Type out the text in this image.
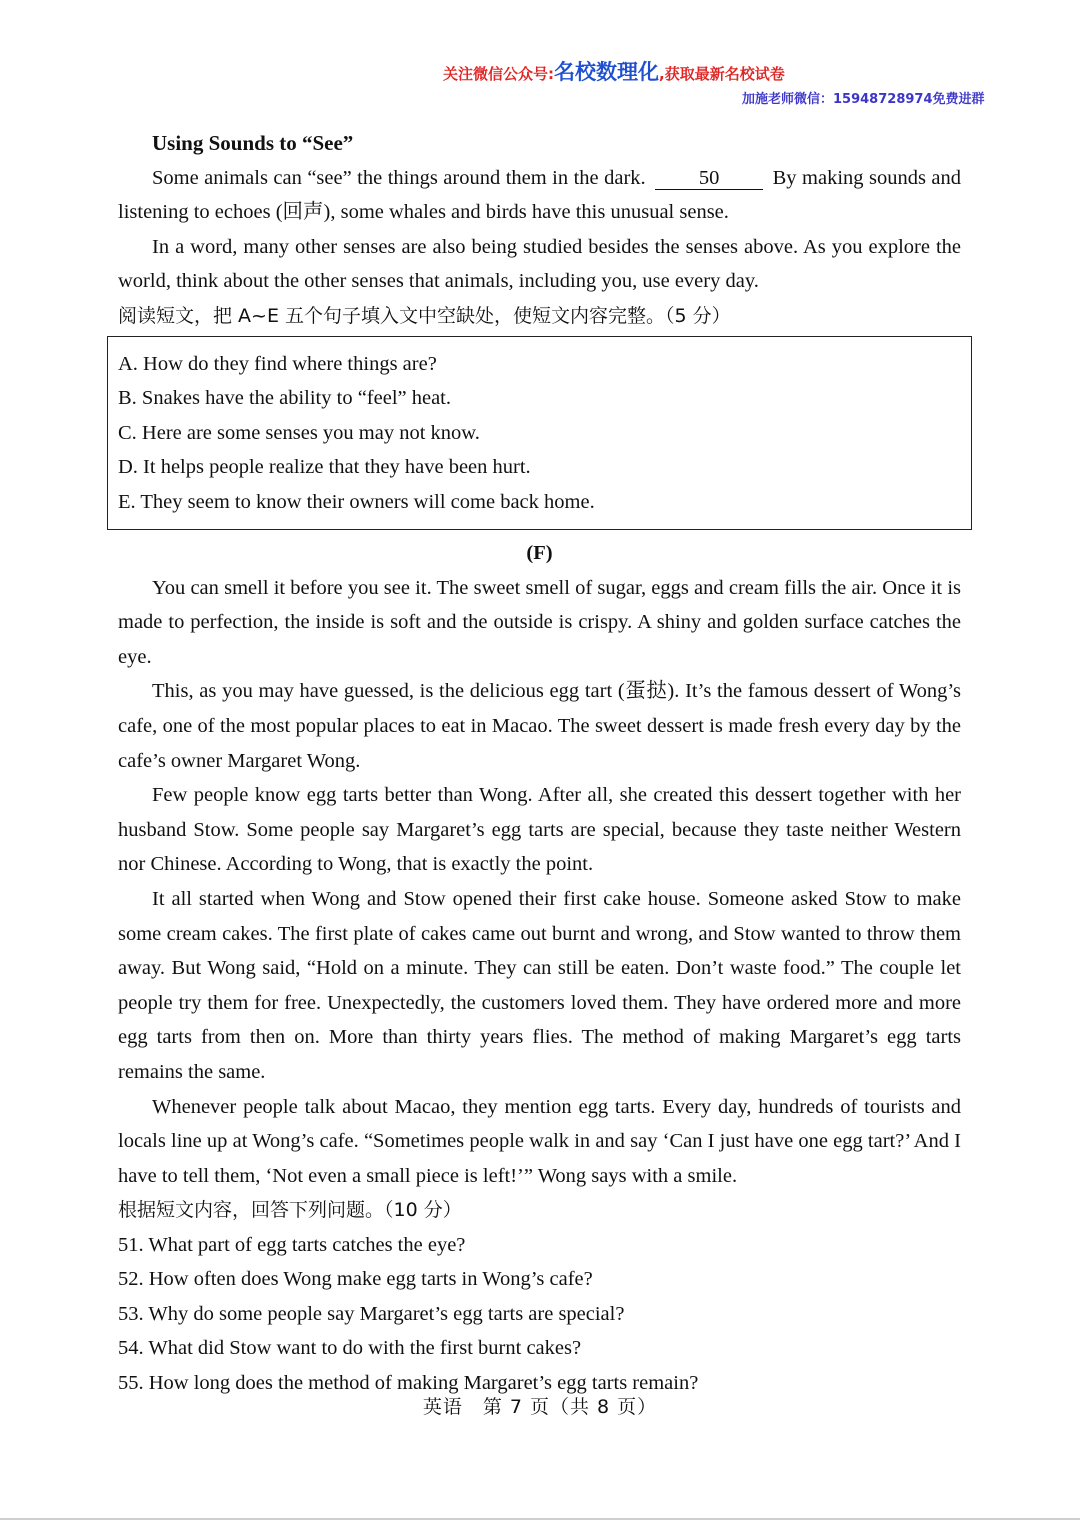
关注微信公众号:名校数理化,获取最新名校试卷
加施老师微信：15948728974免费进群
Using Sounds to “See”

Some animals can “see” the things around them in the dark.	50	By making sounds and listening to echoes (回声), some whales and birds have this unusual sense.

In a word, many other senses are also being studied besides the senses above. As you explore the world, think about the other senses that animals, including you, use every day.

阅读短文，把 A~E 五个句子填入文中空缺处，使短文内容完整。（5 分）
A. How do they find where things are?
B. Snakes have the ability to “feel” heat.
C. Here are some senses you may not know.
D. It helps people realize that they have been hurt.
E. They seem to know their owners will come back home.
(F)

You can smell it before you see it. The sweet smell of sugar, eggs and cream fills the air. Once it is made to perfection, the inside is soft and the outside is crispy. A shiny and golden surface catches the eye.

This, as you may have guessed, is the delicious egg tart (蛋挞). It’s the famous dessert of Wong’s cafe, one of the most popular places to eat in Macao. The sweet dessert is made fresh every day by the cafe’s owner Margaret Wong.

Few people know egg tarts better than Wong. After all, she created this dessert together with her husband Stow. Some people say Margaret’s egg tarts are special, because they taste neither Western nor Chinese. According to Wong, that is exactly the point.

It all started when Wong and Stow opened their first cake house. Someone asked Stow to make some cream cakes. The first plate of cakes came out burnt and wrong, and Stow wanted to throw them away. But Wong said, “Hold on a minute. They can still be eaten. Don’t waste food.” The couple let people try them for free. Unexpectedly, the customers loved them. They have ordered more and more egg tarts from then on. More than thirty years flies. The method of making Margaret’s egg tarts remains the same.

Whenever people talk about Macao, they mention egg tarts. Every day, hundreds of tourists and locals line up at Wong’s cafe. “Sometimes people walk in and say ‘Can I just have one egg tart?’ And I have to tell them, ‘Not even a small piece is left!’” Wong says with a smile.

根据短文内容，回答下列问题。（10 分）
51. What part of egg tarts catches the eye?
52. How often does Wong make egg tarts in Wong’s cafe?
53. Why do some people say Margaret’s egg tarts are special?
54. What did Stow want to do with the first burnt cakes?
55. How long does the method of making Margaret’s egg tarts remain?
英语　第 7 页（共 8 页）
